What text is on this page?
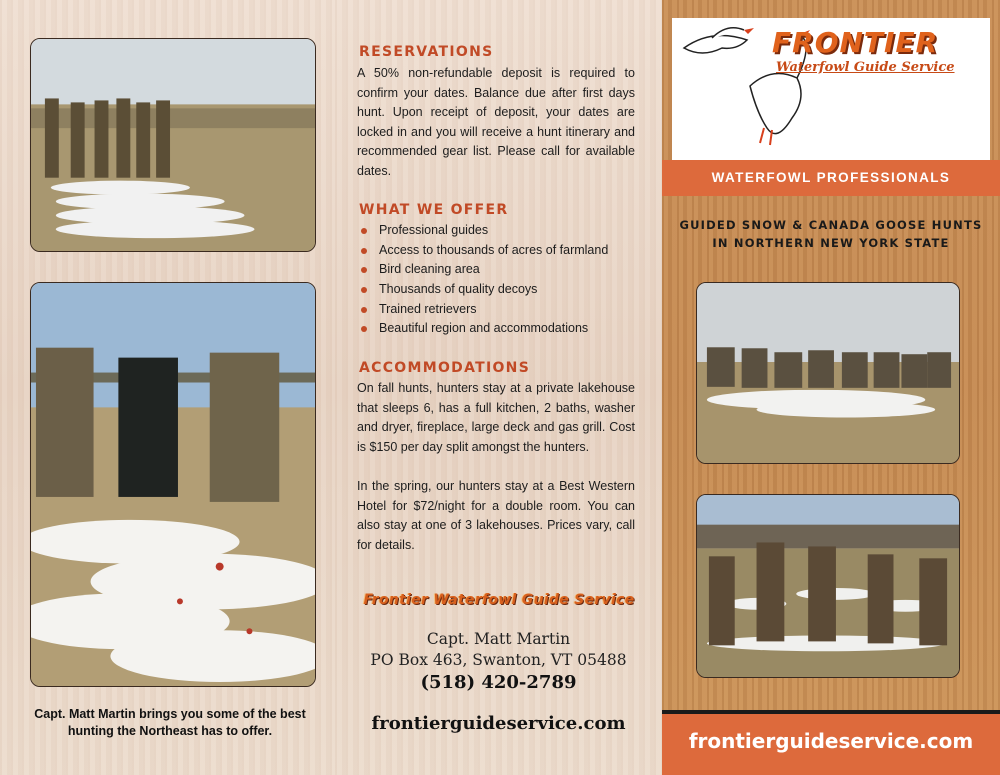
Capt. Matt Martin brings you some of the best hunting the Northeast has to offer.
RESERVATIONS
A 50% non-refundable deposit is required to confirm your dates. Balance due after first days hunt. Upon receipt of deposit, your dates are locked in and you will receive a hunt itinerary and recommended gear list. Please call for available dates.
WHAT WE OFFER
Professional guides
Access to thousands of acres of farmland
Bird cleaning area
Thousands of quality decoys
Trained retrievers
Beautiful region and accommodations
ACCOMMODATIONS
On fall hunts, hunters stay at a private lakehouse that sleeps 6, has a full kitchen, 2 baths, washer and dryer, fireplace, large deck and gas grill. Cost is $150 per day split amongst the hunters.
In the spring, our hunters stay at a Best Western Hotel for $72/night for a double room. You can also stay at one of 3 lakehouses. Prices vary, call for details.
Frontier Waterfowl Guide Service
Capt. Matt Martin
PO Box 463, Swanton, VT 05488
(518) 420-2789
frontierguideservice.com
FRONTIER
Waterfowl Guide Service
WATERFOWL PROFESSIONALS
GUIDED SNOW & CANADA GOOSE HUNTS IN NORTHERN NEW YORK STATE
frontierguideservice.com
